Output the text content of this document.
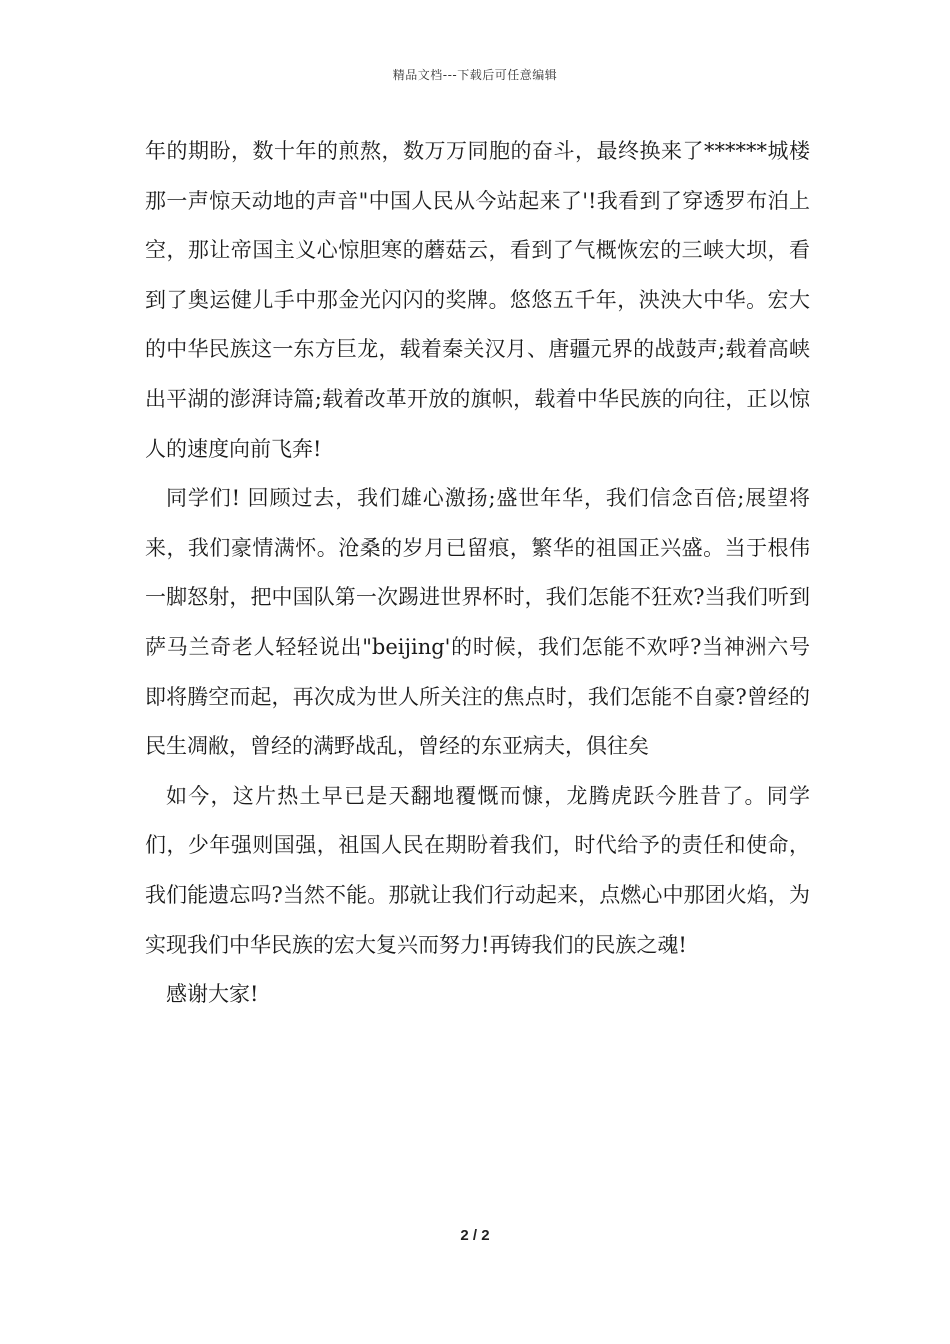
精品文档---下载后可任意编辑

年的期盼，数十年的煎熬，数万万同胞的奋斗，最终换来了******城楼那一声惊天动地的声音"中国人民从今站起来了'!我看到了穿透罗布泊上空，那让帝国主义心惊胆寒的蘑菇云，看到了气概恢宏的三峡大坝，看到了奥运健儿手中那金光闪闪的奖牌。悠悠五千年，泱泱大中华。宏大的中华民族这一东方巨龙，载着秦关汉月、唐疆元界的战鼓声;载着高峡出平湖的澎湃诗篇;载着改革开放的旗帜，载着中华民族的向往，正以惊人的速度向前飞奔!

同学们! 回顾过去，我们雄心激扬;盛世年华，我们信念百倍;展望将来，我们豪情满怀。沧桑的岁月已留痕，繁华的祖国正兴盛。当于根伟一脚怒射，把中国队第一次踢进世界杯时，我们怎能不狂欢?当我们听到萨马兰奇老人轻轻说出"beijing'的时候，我们怎能不欢呼?当神洲六号即将腾空而起，再次成为世人所关注的焦点时，我们怎能不自豪?曾经的民生凋敝，曾经的满野战乱，曾经的东亚病夫，俱往矣

如今，这片热土早已是天翻地覆慨而慷，龙腾虎跃今胜昔了。同学们，少年强则国强，祖国人民在期盼着我们，时代给予的责任和使命，我们能遗忘吗?当然不能。那就让我们行动起来，点燃心中那团火焰，为实现我们中华民族的宏大复兴而努力!再铸我们的民族之魂!

感谢大家!

2 / 2
